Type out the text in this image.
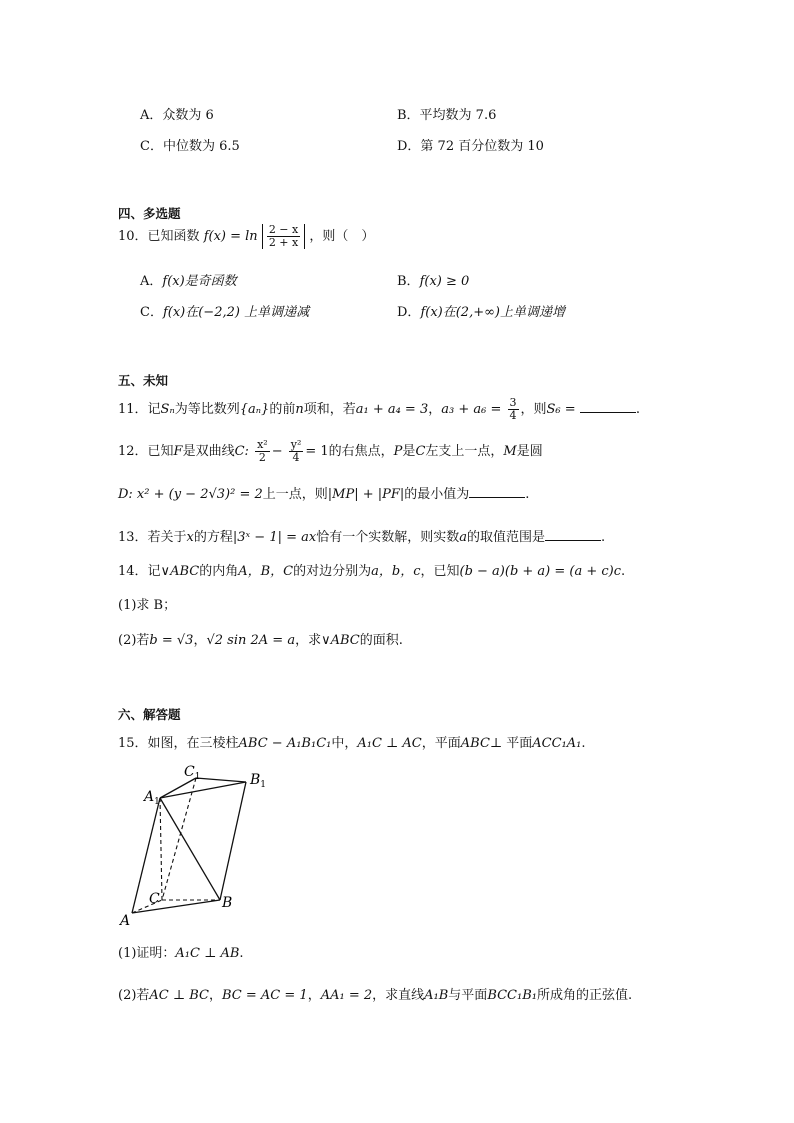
A．众数为 6	B．平均数为 7.6
C．中位数为 6.5	D．第 72 百分位数为 10
四、多选题
10．已知函数 $f(x) = \ln \frac{2 - x}{2 + x}$ ，则（　）
A．f(x)是奇函数	B．f(x) ≥ 0
C．f(x)在(−2,2) 上单调递减	D．f(x)在(2,+∞)上单调递增
五、未知
11．记Sₙ为等比数列{aₙ}的前n项和，若a₁ + a₄ = 3，$a_3 + a_6 = \frac{3}{4}$ ，则S₆ =	.
12．已知F是双曲线C: $\frac{\text{x²}}{2} - \frac{\text{y²}}{4} = 1$的右焦点，P是C左支上一点，M是圆
D: x² + (y − 2√3)² = 2上一点，则|MP| + |PF|的最小值为	.
13．若关于x的方程|3ˣ − 1| = ax恰有一个实数解，则实数a的取值范围是	.
14．记∨ABC的内角A，B，C的对边分别为a，b，c，已知(b − a)(b + a) = (a + c)c.
(1)求 B；
(2)若b = √3，√2 sin 2A = a，求∨ABC的面积.
六、解答题
15．如图，在三棱柱ABC − A₁B₁C₁中，A₁C ⊥ AC，平面ABC⊥ 平面ACC₁A₁.
$A_1$
$C_1$	$B_1$
C	B
A
(1)证明：A₁C ⊥ AB.
(2)若AC ⊥ BC，BC = AC = 1，AA₁ = 2，求直线A₁B与平面BCC₁B₁所成角的正弦值.
